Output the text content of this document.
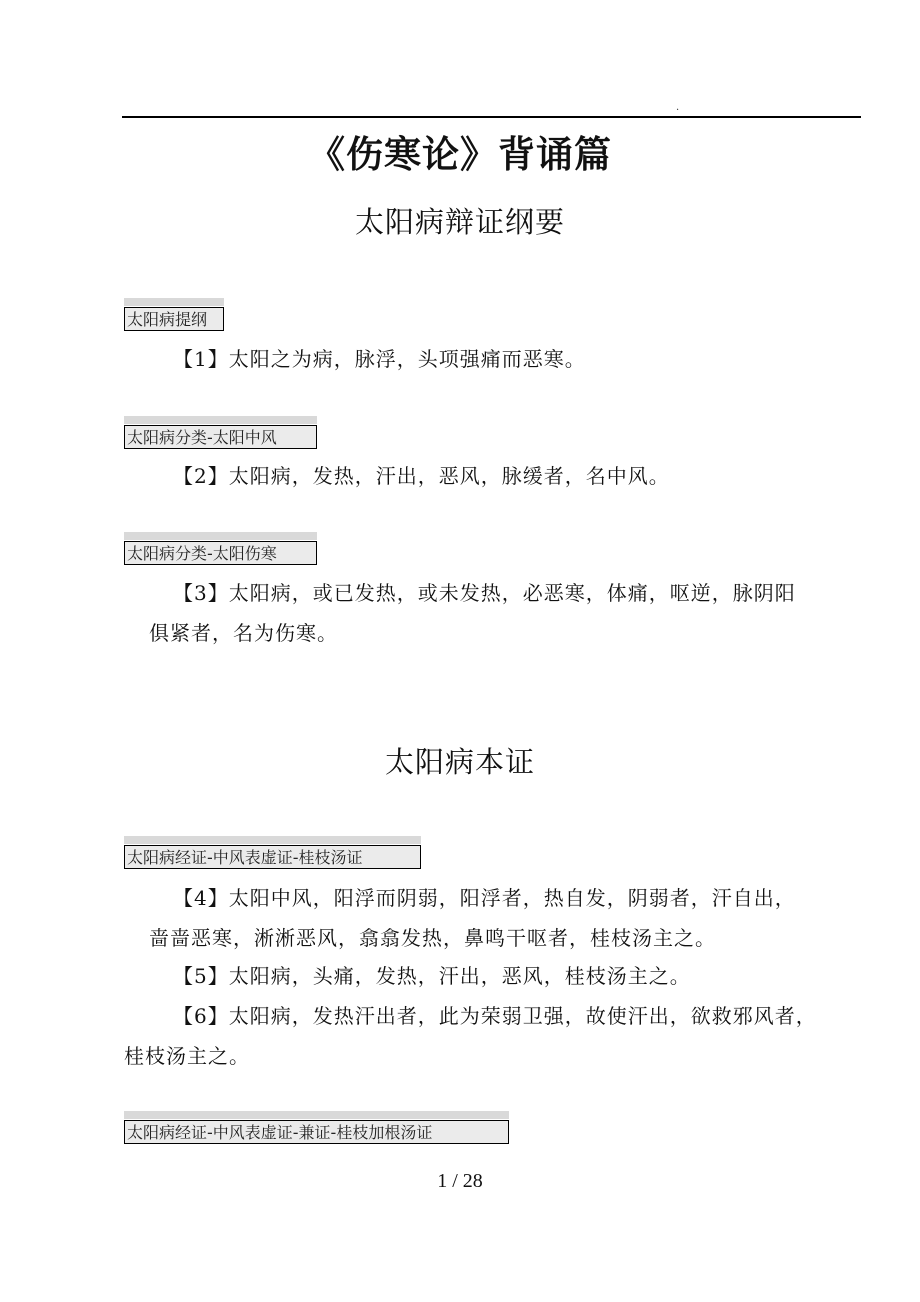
.
《伤寒论》背诵篇
太阳病辩证纲要
太阳病提纲
【1】太阳之为病，脉浮，头项强痛而恶寒。
太阳病分类-太阳中风
【2】太阳病，发热，汗出，恶风，脉缓者，名中风。
太阳病分类-太阳伤寒
【3】太阳病，或已发热，或未发热，必恶寒，体痛，呕逆，脉阴阳
俱紧者，名为伤寒。
太阳病本证
太阳病经证-中风表虚证-桂枝汤证
【4】太阳中风，阳浮而阴弱，阳浮者，热自发，阴弱者，汗自出，
啬啬恶寒，淅淅恶风，翕翕发热，鼻鸣干呕者，桂枝汤主之。
【5】太阳病，头痛，发热，汗出，恶风，桂枝汤主之。
【6】太阳病，发热汗出者，此为荣弱卫强，故使汗出，欲救邪风者，
桂枝汤主之。
太阳病经证-中风表虚证-兼证-桂枝加根汤证
1 / 28
